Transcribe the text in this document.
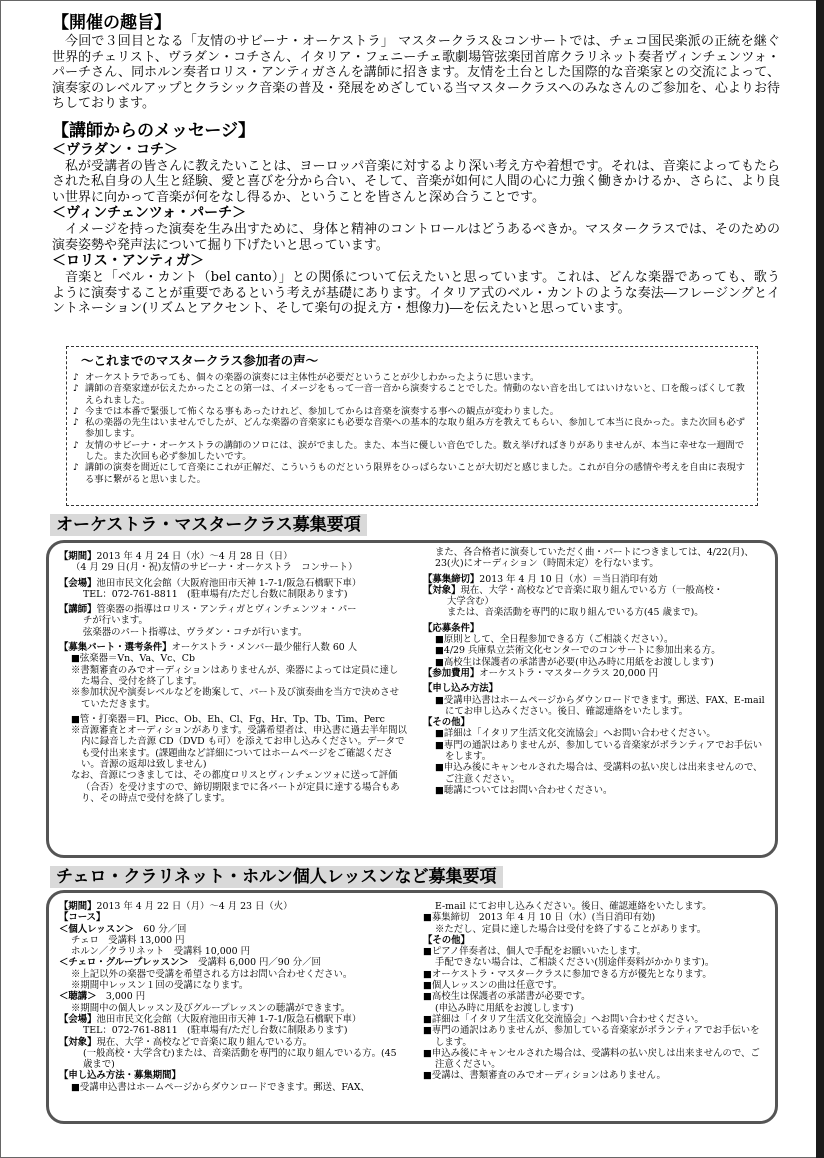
【開催の趣旨】

今回で３回目となる「友情のサビーナ・オーケストラ」 マスタークラス＆コンサートでは、チェコ国民楽派の正統を継ぐ世界的チェリスト、ヴラダン・コチさん、イタリア・フェニーチェ歌劇場管弦楽団首席クラリネット奏者ヴィンチェンツォ・パーチさん、同ホルン奏者ロリス・アンティガさんを講師に招きます。友情を土台とした国際的な音楽家との交流によって、演奏家のレベルアップとクラシック音楽の普及・発展をめざしている当マスタークラスへのみなさんのご参加を、心よりお待ちしております。

【講師からのメッセージ】

＜ヴラダン・コチ＞

私が受講者の皆さんに教えたいことは、ヨーロッパ音楽に対するより深い考え方や着想です。それは、音楽によってもたらされた私自身の人生と経験、愛と喜びを分から合い、そして、音楽が如何に人間の心に力強く働きかけるか、さらに、より良い世界に向かって音楽が何をなし得るか、ということを皆さんと深め合うことです。

＜ヴィンチェンツォ・パーチ＞

イメージを持った演奏を生み出すために、身体と精神のコントロールはどうあるべきか。マスタークラスでは、そのための演奏姿勢や発声法について掘り下げたいと思っています。

＜ロリス・アンティガ＞

音楽と「ベル・カント（bel canto）」との関係について伝えたいと思っています。これは、どんな楽器であっても、歌うように演奏することが重要であるという考えが基礎にあります。イタリア式のベル・カントのような奏法―フレージングとイントネーション(リズムとアクセント、そして楽句の捉え方・想像力)―を伝えたいと思っています。

～これまでのマスタークラス参加者の声～

♪ オーケストラであっても、個々の楽器の演奏には主体性が必要だということが少しわかったように思います。

♪ 講師の音楽家達が伝えたかったことの第一は、イメージをもって一音一音から演奏することでした。情動のない音を出してはいけないと、口を酸っぱくして教えられました。

♪ 今までは本番で緊張して怖くなる事もあったけれど、参加してからは音楽を演奏する事への観点が変わりました。

♪ 私の楽器の先生はいませんでしたが、どんな楽器の音楽家にも必要な音楽への基本的な取り組み方を教えてもらい、参加して本当に良かった。また次回も必ず参加します。

♪ 友情のサビーナ・オーケストラの講師のソロには、涙がでました。また、本当に優しい音色でした。数え挙げればきりがありませんが、本当に幸せな一週間でした。また次回も必ず参加したいです。

♪ 講師の演奏を間近にして音楽にこれが正解だ、こういうものだという限界をひっぱらないことが大切だと感じました。これが自分の感情や考えを自由に表現する事に繋がると思いました。

オーケストラ・マスタークラス募集要項

【期間】2013 年 4 月 24 日（水）～4 月 28 日（日）

（4 月 29 日(月・祝)友情のサビーナ・オーケストラ　コンサート）

【会場】池田市民文化会館（大阪府池田市天神 1-7-1/阪急石橋駅下車）

TEL：072-761-8811　(駐車場有/ただし台数に制限あります)

【講師】管楽器の指導はロリス・アンティガとヴィンチェンツォ・パー

チが行います。

弦楽器のパート指導は、ヴラダン・コチが行います。

【募集パート・選考条件】オーケストラ・メンバー最少催行人数 60 人

■弦楽器＝Vn、Va、Vc、Cb

※書類審査のみでオーディションはありませんが、楽器によっては定員に達した場合、受付を終了します。

※参加状況や演奏レベルなどを勘案して、パート及び演奏曲を当方で決めさせていただきます。

■管・打楽器＝Fl、Picc、Ob、Eh、Cl、Fg、Hr、Tp、Tb、Tim、Perc

※音源審査とオーディションがあります。受講希望者は、申込書に過去半年間以内に録音した音源 CD（DVD も可）を添えてお申し込みください。データでも受付出来ます。(課題曲など詳細についてはホームページをご確認ください。音源の返却は致しません)

なお、音源につきましては、その都度ロリスとヴィンチェンツォに送って評価（合否）を受けますので、締切期限までに各パートが定員に達する場合もあり、その時点で受付を終了します。

また、各合格者に演奏していただく曲・パートにつきましては、4/22(月)、23(火)にオーディション（時間未定）を行ないます。

【募集締切】2013 年 4 月 10 日（水）＝当日消印有効

【対象】現在、大学・高校などで音楽に取り組んでいる方（一般高校・

大学含む）

または、音楽活動を専門的に取り組んでいる方(45 歳まで)。

【応募条件】

■原則として、全日程参加できる方（ご相談ください）。

■4/29 兵庫県立芸術文化センターでのコンサートに参加出来る方。

■高校生は保護者の承諾書が必要(申込み時に用紙をお渡しします)

【参加費用】オーケストラ・マスタークラス 20,000 円

【申し込み方法】

■受講申込書はホームページからダウンロードできます。郵送、FAX、E-mail にてお申し込みください。後日、確認連絡をいたします。

【その他】

■詳細は「イタリア生活文化交流協会」へお問い合わせください。

■専門の通訳はありませんが、参加している音楽家がボランティアでお手伝いをします。

■申込み後にキャンセルされた場合は、受講料の払い戻しは出来ませんので、ご注意ください。

■聴講についてはお問い合わせください。

チェロ・クラリネット・ホルン個人レッスンなど募集要項

【期間】2013 年 4 月 22 日（月）～4 月 23 日（火）

【コース】

＜個人レッスン＞　60 分／回

チェロ　受講料 13,000 円

ホルン／クラリネット　受講料 10,000 円

＜チェロ・グループレッスン＞　受講料 6,000 円／90 分／回

※上記以外の楽器で受講を希望される方はお問い合わせください。

※期間中レッスン１回の受講になります。

＜聴講＞　3,000 円

※期間中の個人レッスン及びグループレッスンの聴講ができます。

【会場】池田市民文化会館（大阪府池田市天神 1-7-1/阪急石橋駅下車）

TEL：072-761-8811　(駐車場有/ただし台数に制限あります)

【対象】現在、大学・高校などで音楽に取り組んでいる方。

(一般高校・大学含む)または、音楽活動を専門的に取り組んでいる方。(45 歳まで)

【申し込み方法・募集期間】

■受講申込書はホームページからダウンロードできます。郵送、FAX、

E-mail にてお申し込みください。後日、確認連絡をいたします。

■募集締切　2013 年 4 月 10 日（水）(当日消印有効)

※ただし、定員に達した場合は受付を終了することがあります。

【その他】

■ピアノ伴奏者は、個人で手配をお願いいたします。

手配できない場合は、ご相談ください(別途伴奏料がかかります)。

■オーケストラ・マスタークラスに参加できる方が優先となります。

■個人レッスンの曲は任意です。

■高校生は保護者の承諾書が必要です。

(申込み時に用紙をお渡しします)

■詳細は「イタリア生活文化交流協会」へお問い合わせください。

■専門の通訳はありませんが、参加している音楽家がボランティアでお手伝いをします。

■申込み後にキャンセルされた場合は、受講料の払い戻しは出来ませんので、ご注意ください。

■受講は、書類審査のみでオーディションはありません。
